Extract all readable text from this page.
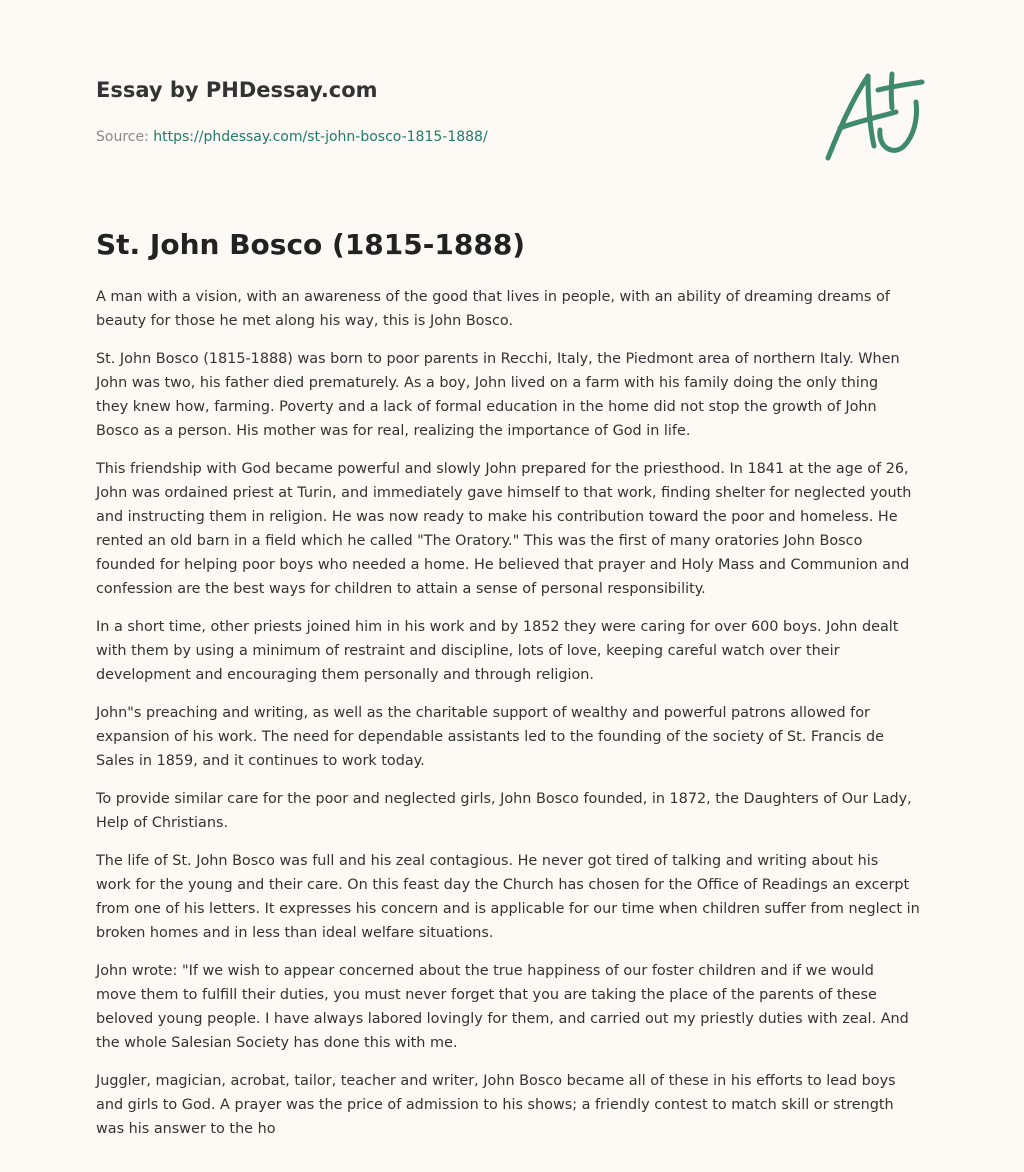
Essay by PHDessay.com
Source: https://phdessay.com/st-john-bosco-1815-1888/
St. John Bosco (1815-1888)

A man with a vision, with an awareness of the good that lives in people, with an ability of dreaming dreams of
beauty for those he met along his way, this is John Bosco.

St. John Bosco (1815-1888) was born to poor parents in Recchi, Italy, the Piedmont area of northern Italy. When
John was two, his father died prematurely. As a boy, John lived on a farm with his family doing the only thing
they knew how, farming. Poverty and a lack of formal education in the home did not stop the growth of John
Bosco as a person. His mother was for real, realizing the importance of God in life.

This friendship with God became powerful and slowly John prepared for the priesthood. In 1841 at the age of 26,
John was ordained priest at Turin, and immediately gave himself to that work, finding shelter for neglected youth
and instructing them in religion. He was now ready to make his contribution toward the poor and homeless. He
rented an old barn in a field which he called "The Oratory." This was the first of many oratories John Bosco
founded for helping poor boys who needed a home. He believed that prayer and Holy Mass and Communion and
confession are the best ways for children to attain a sense of personal responsibility.

In a short time, other priests joined him in his work and by 1852 they were caring for over 600 boys. John dealt
with them by using a minimum of restraint and discipline, lots of love, keeping careful watch over their
development and encouraging them personally and through religion.

John"s preaching and writing, as well as the charitable support of wealthy and powerful patrons allowed for
expansion of his work. The need for dependable assistants led to the founding of the society of St. Francis de
Sales in 1859, and it continues to work today.

To provide similar care for the poor and neglected girls, John Bosco founded, in 1872, the Daughters of Our Lady,
Help of Christians.

The life of St. John Bosco was full and his zeal contagious. He never got tired of talking and writing about his
work for the young and their care. On this feast day the Church has chosen for the Office of Readings an excerpt
from one of his letters. It expresses his concern and is applicable for our time when children suffer from neglect in
broken homes and in less than ideal welfare situations.

John wrote: "If we wish to appear concerned about the true happiness of our foster children and if we would
move them to fulfill their duties, you must never forget that you are taking the place of the parents of these
beloved young people. I have always labored lovingly for them, and carried out my priestly duties with zeal. And
the whole Salesian Society has done this with me.

Juggler, magician, acrobat, tailor, teacher and writer, John Bosco became all of these in his efforts to lead boys
and girls to God. A prayer was the price of admission to his shows; a friendly contest to match skill or strength
was his answer to the ho
